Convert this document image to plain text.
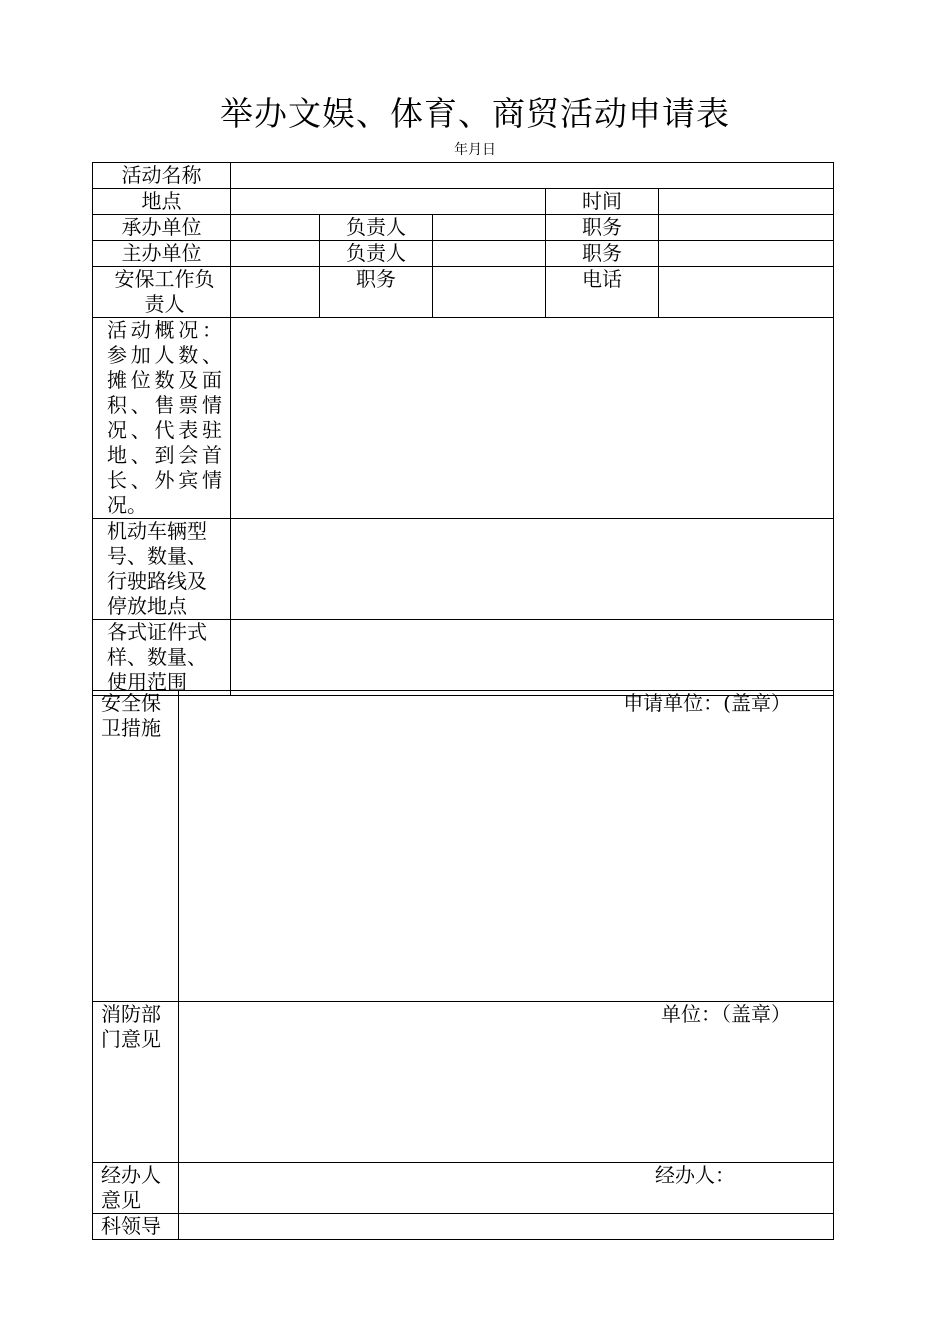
举办文娱、体育、商贸活动申请表
年月日
活动名称					
地点				时间	
承办单位		负责人		职务	
主办单位		负责人		职务	
安保工作负责人		职务		电话	
活动概况：参加人数、摊位数及面积、售票情况、代表驻地、到会首长、外宾情况。					
机动车辆型号、数量、行驶路线及停放地点					
各式证件式样、数量、使用范围					
安全保卫措施	申请单位：(盖章）

消防部门意见	单位：（盖章）

经办人意见	经办人：

科领导	
